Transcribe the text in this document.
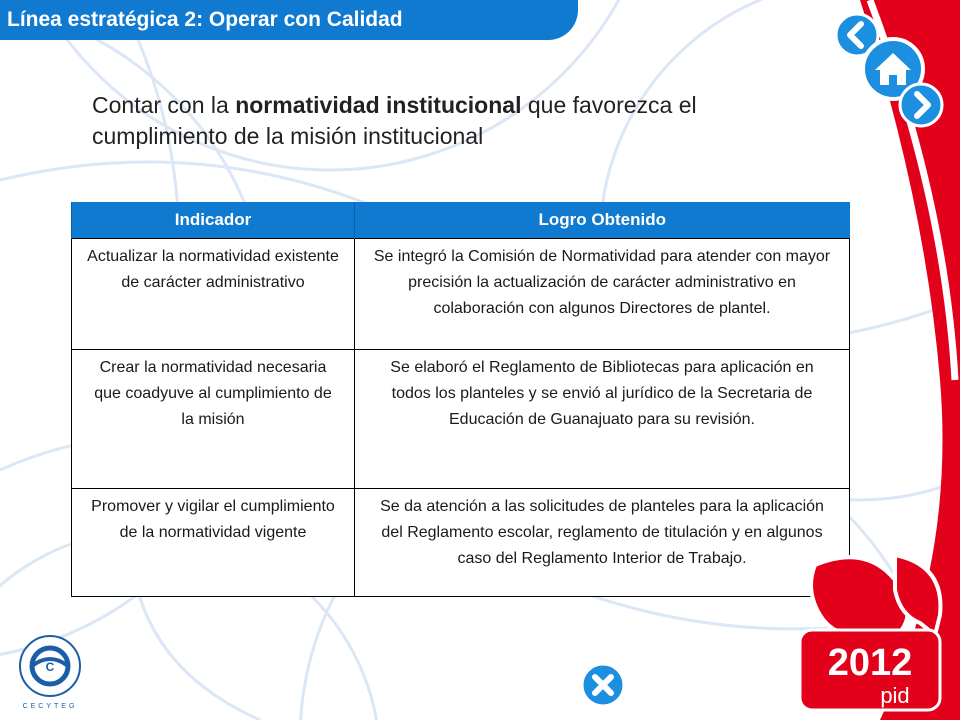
Línea estratégica 2: Operar con Calidad
Contar con la normatividad institucional que favorezca el cumplimiento de la misión institucional
Indicador	Logro Obtenido
Actualizar la normatividad existente de carácter administrativo	Se integró la Comisión de Normatividad para atender con mayor precisión la actualización de carácter administrativo en colaboración con algunos Directores de plantel.
Crear la normatividad necesaria que coadyuve al cumplimiento de la misión	Se elaboró el Reglamento de Bibliotecas para aplicación en todos los planteles y se envió al jurídico de la Secretaria de Educación de Guanajuato para su revisión.
Promover y vigilar el cumplimiento de la normatividad vigente	Se da atención a las solicitudes de planteles para la aplicación del Reglamento escolar, reglamento de titulación y en algunos caso del Reglamento Interior de Trabajo.
C
CECYTEG
2012
pid
